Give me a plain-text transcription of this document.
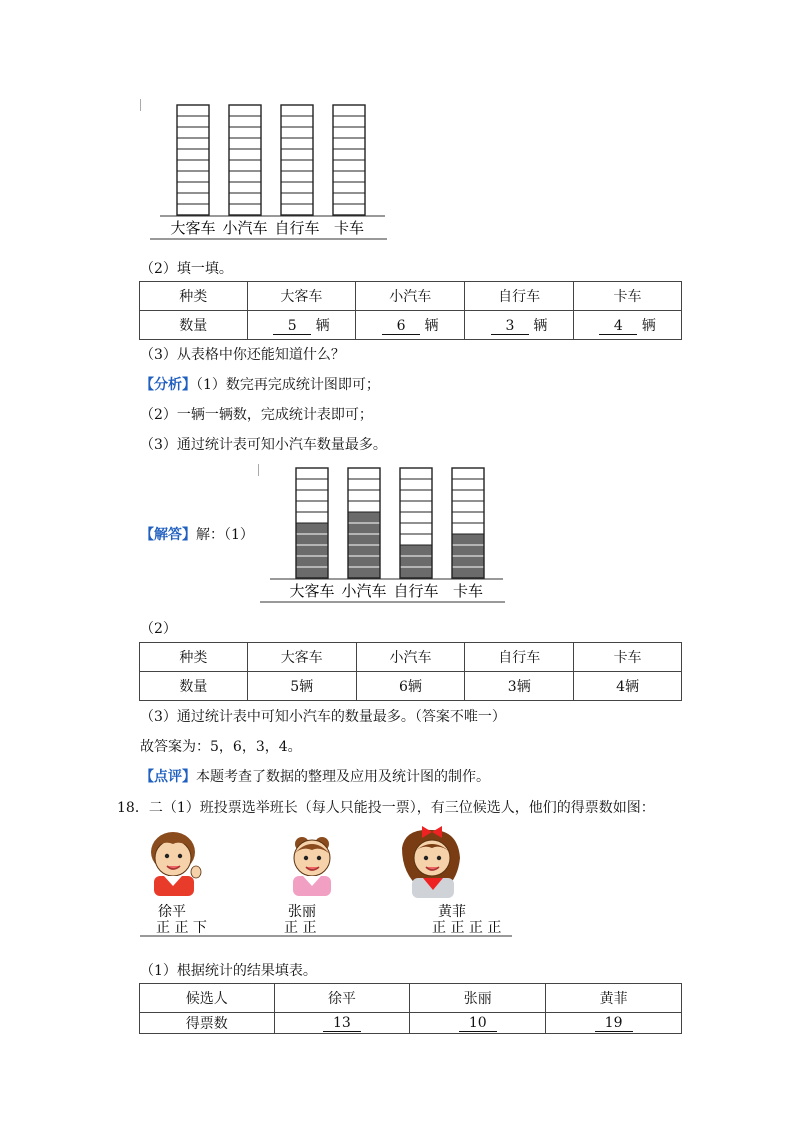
大客车 小汽车 自行车 卡车
（2）填一填。
种类	大客车	小汽车	自行车	卡车
数量	5 辆	6 辆	3 辆	4 辆
（3）从表格中你还能知道什么？
【分析】（1）数完再完成统计图即可；
（2）一辆一辆数，完成统计表即可；
（3）通过统计表可知小汽车数量最多。
【解答】解：（1）
大客车 小汽车 自行车 卡车
（2）
种类	大客车	小汽车	自行车	卡车
数量	5辆	6辆	3辆	4辆
（3）通过统计表中可知小汽车的数量最多。（答案不唯一）
故答案为：5，6，3，4。
【点评】本题考查了数据的整理及应用及统计图的制作。
18．二（1）班投票选举班长（每人只能投一票），有三位候选人，他们的得票数如图：
徐平	张丽	黄菲
正 正 下	正 正	正 正 正 正
（1）根据统计的结果填表。
候选人	徐平	张丽	黄菲
得票数	13	10	19
